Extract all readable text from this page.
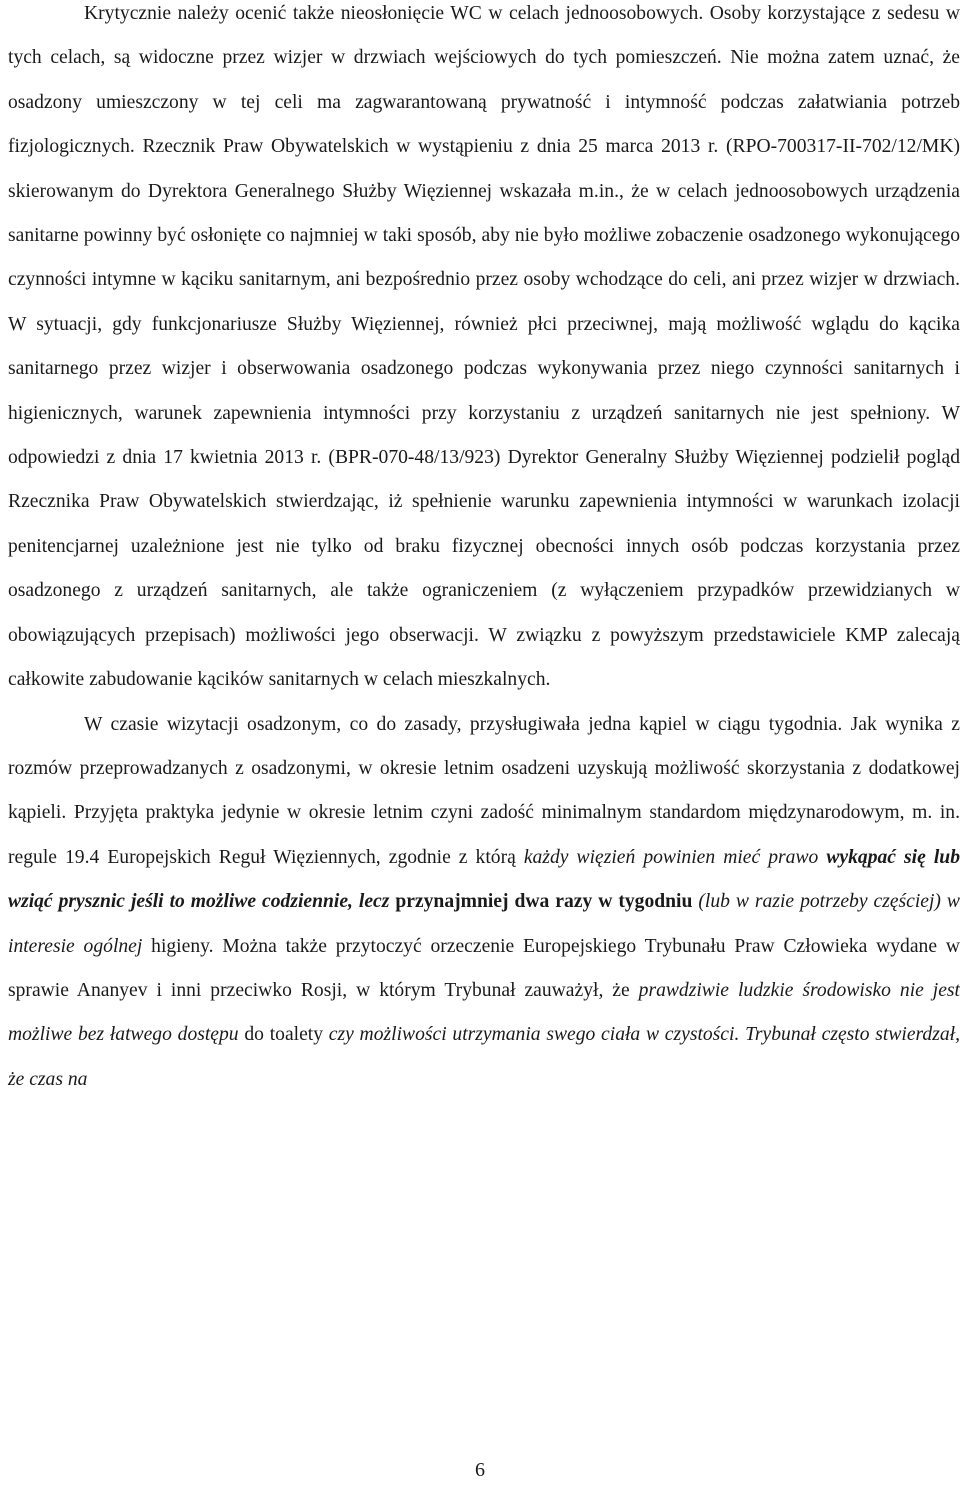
Krytycznie należy ocenić także nieosłonięcie WC w celach jednoosobowych. Osoby korzystające z sedesu w tych celach, są widoczne przez wizjer w drzwiach wejściowych do tych pomieszczeń. Nie można zatem uznać, że osadzony umieszczony w tej celi ma zagwarantowaną prywatność i intymność podczas załatwiania potrzeb fizjologicznych. Rzecznik Praw Obywatelskich w wystąpieniu z dnia 25 marca 2013 r. (RPO-700317-II-702/12/MK) skierowanym do Dyrektora Generalnego Służby Więziennej wskazała m.in., że w celach jednoosobowych urządzenia sanitarne powinny być osłonięte co najmniej w taki sposób, aby nie było możliwe zobaczenie osadzonego wykonującego czynności intymne w kąciku sanitarnym, ani bezpośrednio przez osoby wchodzące do celi, ani przez wizjer w drzwiach. W sytuacji, gdy funkcjonariusze Służby Więziennej, również płci przeciwnej, mają możliwość wglądu do kącika sanitarnego przez wizjer i obserwowania osadzonego podczas wykonywania przez niego czynności sanitarnych i higienicznych, warunek zapewnienia intymności przy korzystaniu z urządzeń sanitarnych nie jest spełniony. W odpowiedzi z dnia 17 kwietnia 2013 r. (BPR-070-48/13/923) Dyrektor Generalny Służby Więziennej podzielił pogląd Rzecznika Praw Obywatelskich stwierdzając, iż spełnienie warunku zapewnienia intymności w warunkach izolacji penitencjarnej uzależnione jest nie tylko od braku fizycznej obecności innych osób podczas korzystania przez osadzonego z urządzeń sanitarnych, ale także ograniczeniem (z wyłączeniem przypadków przewidzianych w obowiązujących przepisach) możliwości jego obserwacji. W związku z powyższym przedstawiciele KMP zalecają całkowite zabudowanie kącików sanitarnych w celach mieszkalnych.

W czasie wizytacji osadzonym, co do zasady, przysługiwała jedna kąpiel w ciągu tygodnia. Jak wynika z rozmów przeprowadzanych z osadzonymi, w okresie letnim osadzeni uzyskują możliwość skorzystania z dodatkowej kąpieli. Przyjęta praktyka jedynie w okresie letnim czyni zadość minimalnym standardom międzynarodowym, m. in. regule 19.4 Europejskich Reguł Więziennych, zgodnie z którą każdy więzień powinien mieć prawo wykąpać się lub wziąć prysznic jeśli to możliwe codziennie, lecz przynajmniej dwa razy w tygodniu (lub w razie potrzeby częściej) w interesie ogólnej higieny. Można także przytoczyć orzeczenie Europejskiego Trybunału Praw Człowieka wydane w sprawie Ananyev i inni przeciwko Rosji, w którym Trybunał zauważył, że prawdziwie ludzkie środowisko nie jest możliwe bez łatwego dostępu do toalety czy możliwości utrzymania swego ciała w czystości. Trybunał często stwierdzał, że czas na

6
